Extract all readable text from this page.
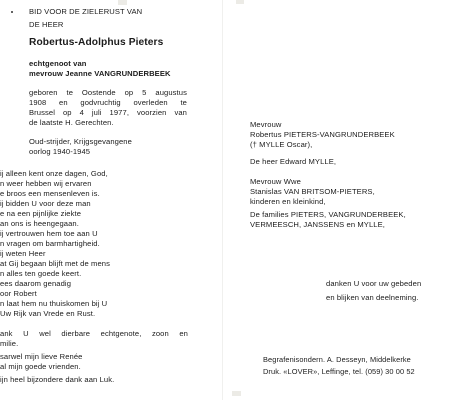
BID VOOR DE ZIELERUST VAN
DE HEER
Robertus-Adolphus Pieters
echtgenoot van
mevrouw Jeanne VANGRUNDERBEEK
geboren te Oostende op 5 augustus
1908 en godvruchtig overleden te
Brussel op 4 juli 1977, voorzien van
de laatste H. Gerechten.
Oud-strijder, Krijgsgevangene
oorlog 1940-1945
ij alleen kent onze dagen, God,
n weer hebben wij ervaren
e broos een mensenleven is.
ij bidden U voor deze man
e na een pijnlijke ziekte
an ons is heengegaan.
ij vertrouwen hem toe aan U
n vragen om barmhartigheid.
ij weten Heer
at Gij begaan blijft met de mens
n alles ten goede keert.
ees daarom genadig
oor Robert
n laat hem nu thuiskomen bij U
Uw Rijk van Vrede en Rust.
ank U wel dierbare echtgenote, zoon en
milie.
sarwel mijn lieve Renée
al mijn goede vrienden.
ijn heel bijzondere dank aan Luk.
Mevrouw
Robertus PIETERS-VANGRUNDERBEEK
(† MYLLE Oscar),
De heer Edward MYLLE,
Mevrouw Wwe
Stanislas VAN BRITSOM-PIETERS,
kinderen en kleinkind,
De families PIETERS, VANGRUNDERBEEK,
VERMEESCH, JANSSENS en MYLLE,
danken U voor uw gebeden
en blijken van deelneming.
Begrafenisondern. A. Desseyn, Middelkerke
Druk. «LOVER», Leffinge, tel. (059) 30 00 52
